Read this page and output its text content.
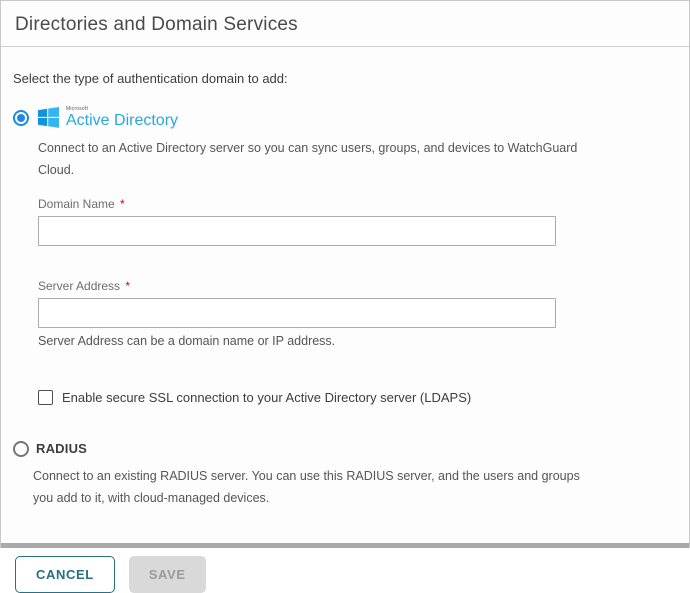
Directories and Domain Services
Select the type of authentication domain to add:
Microsoft
Active Directory
Connect to an Active Directory server so you can sync users, groups, and devices to WatchGuard Cloud.
Domain Name *
Server Address *
Server Address can be a domain name or IP address.
Enable secure SSL connection to your Active Directory server (LDAPS)
RADIUS
Connect to an existing RADIUS server. You can use this RADIUS server, and the users and groups you add to it, with cloud-managed devices.
CANCEL	SAVE
